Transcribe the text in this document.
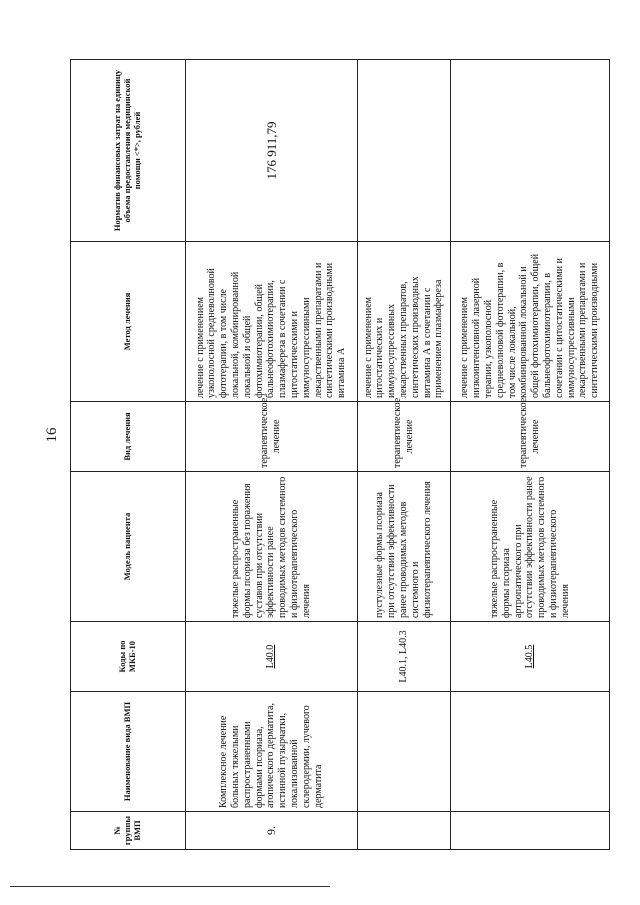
16
№ группы ВМП	Наименование вида ВМП	Коды по МКБ-10	Модель пациента	Вид лечения	Метод лечения	Норматив финансовых затрат на единицу объема предоставления медицинской помощи <*>, рублей
9.	Комплексное лечение больных тяжелыми распространенными формами псориаза, атопического дерматита, истинной пузырчатки, локализованной склеродермии, лучевого дерматита	L40.0	тяжелые распространенные формы псориаза без поражения суставов при отсутствии эффективности ранее проводимых методов системного и физиотерапевтического лечения	терапевтическое лечение	лечение с применением узкополосной средневолновой фототерапии, в том числе локальной, комбинированной локальной и общей фотохимиотерапии, общей бальнеофотохимиотерапии, плазмафереза в сочетании с цитостатическими и иммуносупрессивными лекарственными препаратами и синтетическими производными витамина А	176 911,79
		L40.1, L40.3	пустулезные формы псориаза при отсутствии эффективности ранее проводимых методов системного и физиотерапевтического лечения	терапевтическое лечение	лечение с применением цитостатических и иммуносупрессивных лекарственных препаратов, синтетических производных витамина А в сочетании с применением плазмафереза	
		L40.5	тяжелые распространенные формы псориаза артропатического при отсутствии эффективности ранее проводимых методов системного и физиотерапевтического лечения	терапевтическое лечение	лечение с применением низкоинтенсивной лазерной терапии, узкополосной средневолновой фототерапии, в том числе локальной, комбинированной локальной и общей фотохимиотерапии, общей бальнеофотохимиотерапии, в сочетании с цитостатическими и иммуносупрессивными лекарственными препаратами и синтетическими производными	
